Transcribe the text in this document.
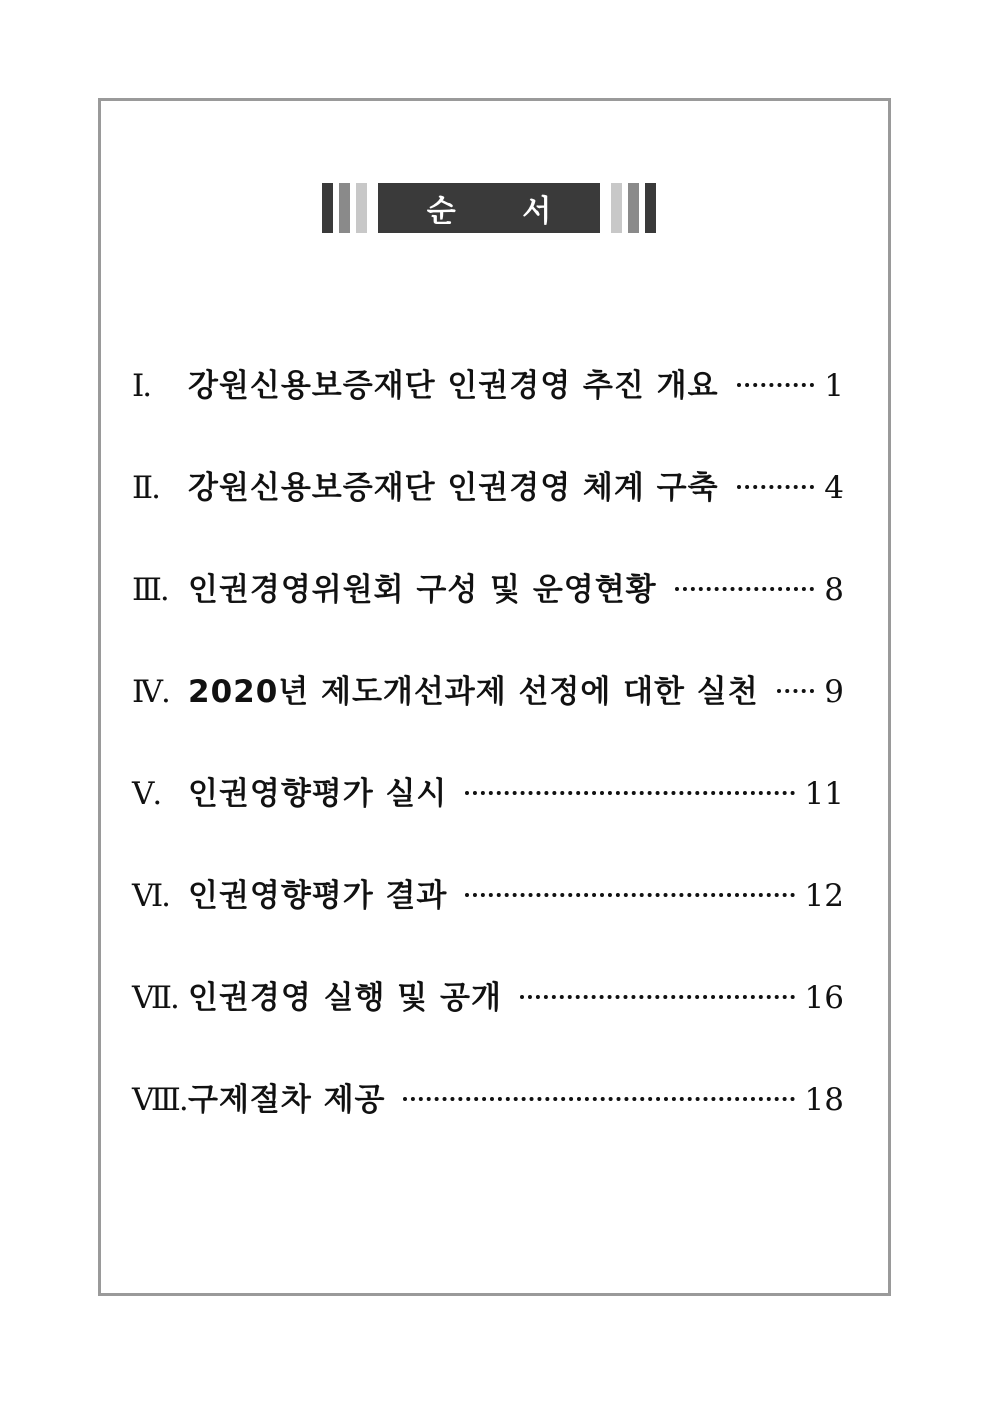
순 서
Ⅰ.	강원신용보증재단 인권경영 추진 개요	1
Ⅱ. 강원신용보증재단 인권경영 체계 구축	4
Ⅲ. 인권경영위원회 구성 및 운영현황	8
Ⅳ. 2020년 제도개선과제 선정에 대한 실천 9
Ⅴ. 인권영향평가 실시	11
Ⅵ. 인권영향평가 결과	12
Ⅶ. 인권경영 실행 및 공개	16
Ⅷ. 구제절차 제공	18
